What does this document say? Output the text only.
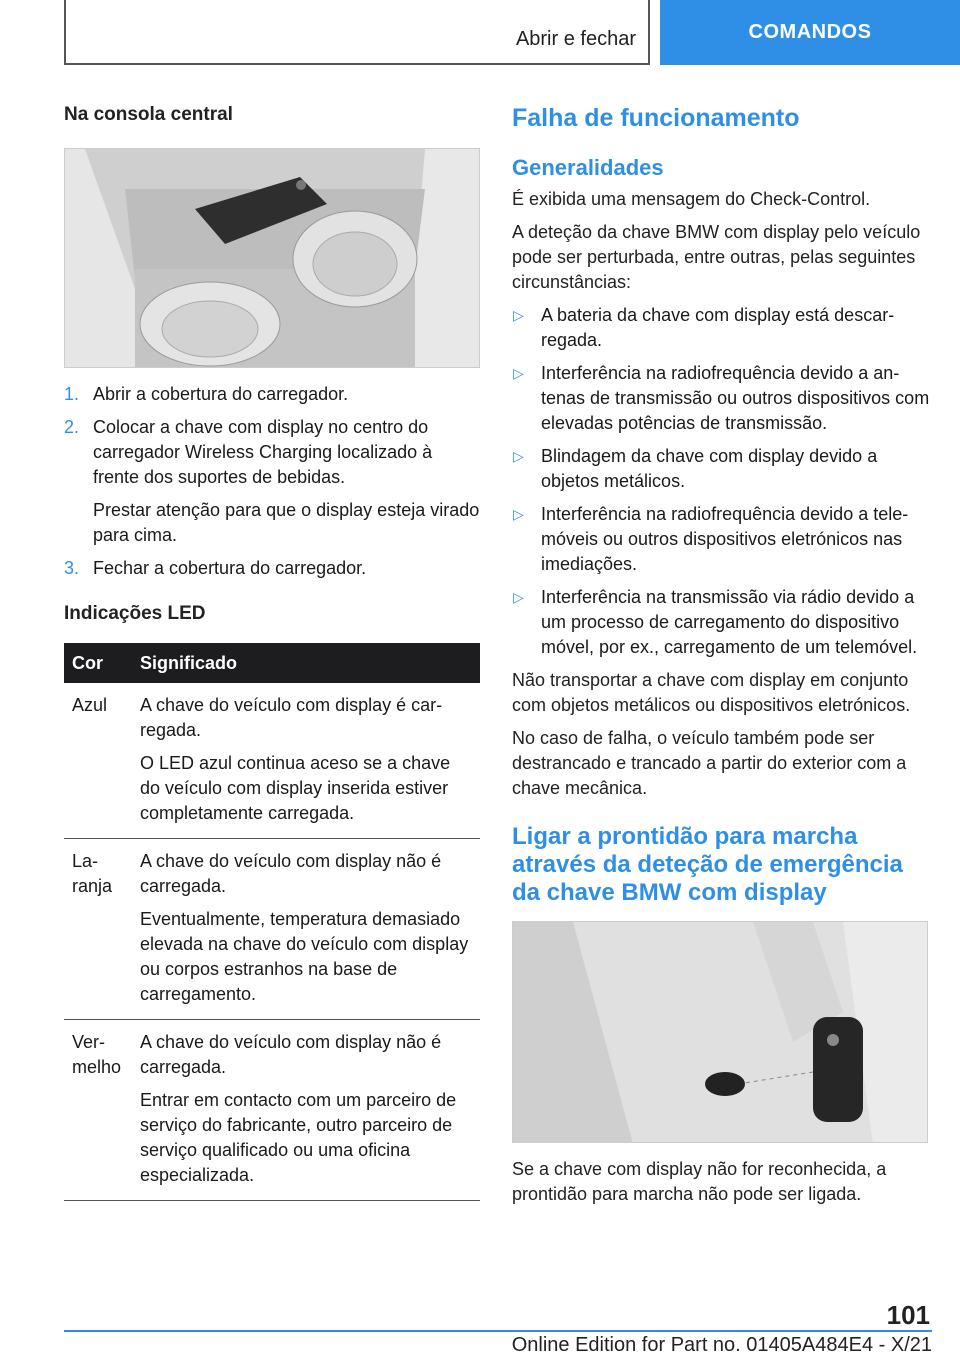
Abrir e fechar	COMANDOS
Na consola central
1. Abrir a cobertura do carregador.

2. Colocar a chave com display no centro do carregador Wireless Charging localizado à frente dos suportes de bebidas.

Prestar atenção para que o display esteja virado para cima.

3. Fechar a cobertura do carregador.

Indicações LED
Cor	Significado
Azul	A chave do veículo com display é carregada.

O LED azul continua aceso se a chave do veículo com display inserida estiver completamente carregada.

Laranja	A chave do veículo com display não é carregada.

Eventualmente, temperatura demasiado elevada na chave do veículo com display ou corpos estranhos na base de carregamento.

Vermelho	A chave do veículo com display não é carregada.

Entrar em contacto com um parceiro de serviço do fabricante, outro parceiro de serviço qualificado ou uma oficina especializada.

Falha de funcionamento
Generalidades

É exibida uma mensagem do Check-Control.

A deteção da chave BMW com display pelo veículo pode ser perturbada, entre outras, pelas seguintes circunstâncias:

▷ A bateria da chave com display está descarregada.
▷ Interferência na radiofrequência devido a antenas de transmissão ou outros dispositivos com elevadas potências de transmissão.
▷ Blindagem da chave com display devido a objetos metálicos.
▷ Interferência na radiofrequência devido a telemóveis ou outros dispositivos eletrónicos nas imediações.
▷ Interferência na transmissão via rádio devido a um processo de carregamento do dispositivo móvel, por ex., carregamento de um telemóvel.

Não transportar a chave com display em conjunto com objetos metálicos ou dispositivos eletrónicos.

No caso de falha, o veículo também pode ser destrancado e trancado a partir do exterior com a chave mecânica.

Ligar a prontidão para marcha através da deteção de emergência da chave BMW com display

Se a chave com display não for reconhecida, a prontidão para marcha não pode ser ligada.

101
Online Edition for Part no. 01405A484E4 - X/21
